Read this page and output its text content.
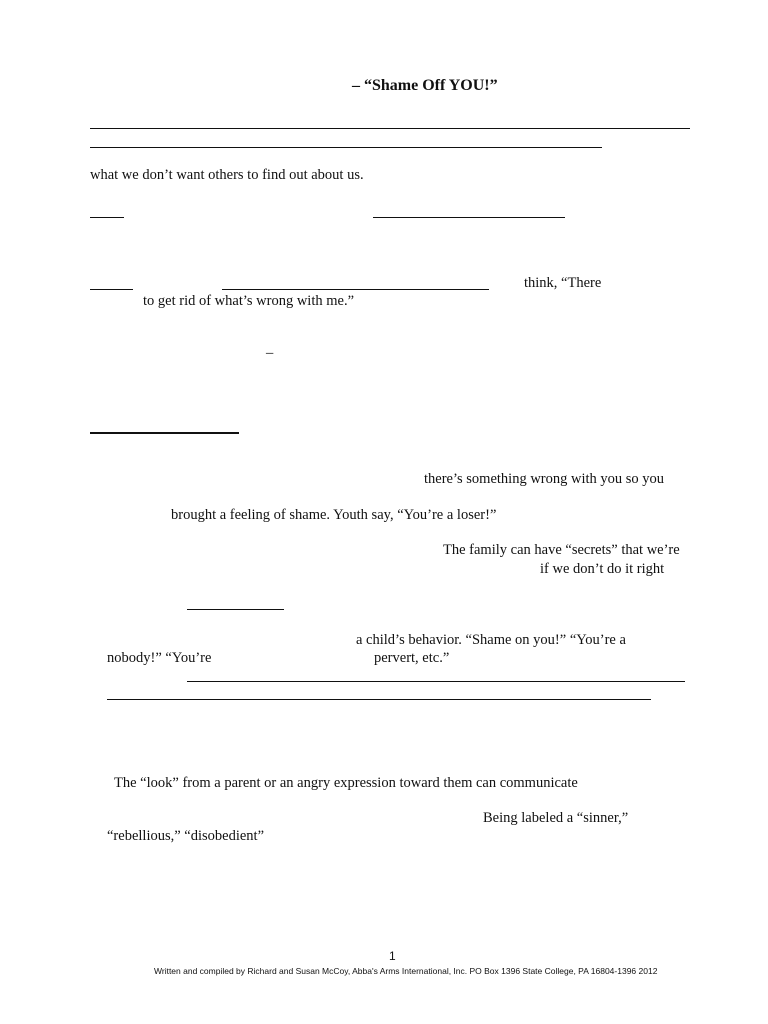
– “Shame Off YOU!”
what we don’t want others to find out about us.
think, “There
to get rid of what’s wrong with me.”
–
there’s something wrong with you so you
brought a feeling of shame. Youth say, “You’re a loser!”
The family can have “secrets” that we’re
if we don’t do it right
a child’s behavior. “Shame on you!” “You’re a
nobody!” “You’re	pervert, etc.”
The “look” from a parent or an angry expression toward them can communicate
Being labeled a “sinner,”
“rebellious,” “disobedient”
1
Written and compiled by Richard and Susan McCoy, Abba's Arms International, Inc. PO Box 1396 State College, PA 16804-1396 2012
